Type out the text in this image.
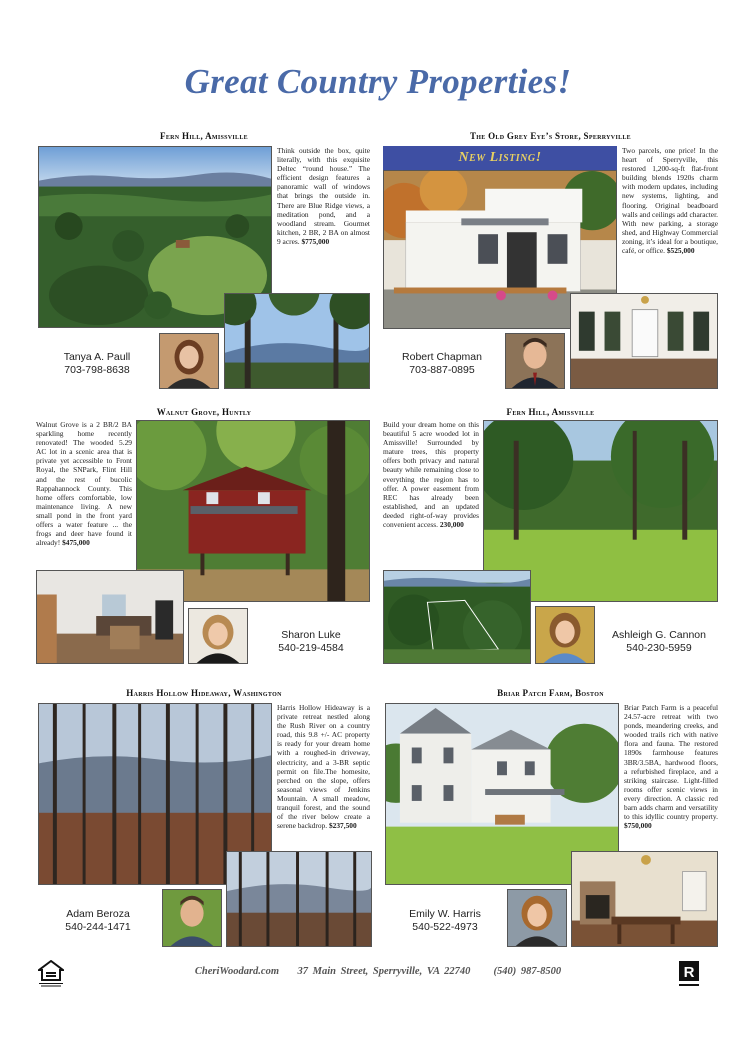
Great Country Properties!
Fern Hill, Amissville
Think outside the box, quite literally, with this exquisite Deltec “round house.” The efficient design features a panoramic wall of windows that brings the outside in. There are Blue Ridge views, a meditation pond, and a woodland stream. Gourmet kitchen, 2 BR, 2 BA on almost 9 acres. $775,000
Tanya A. Paull
703-798-8638
The Old Grey Eye’s Store, Sperryville
New Listing!	Two parcels, one price! In the heart of Sperryville, this restored 1,200-sq-ft flat-front building blends 1920s charm with modern updates, including new systems, lighting, and flooring. Original beadboard walls and ceilings add character. With new parking, a storage shed, and Highway Commercial zoning, it’s ideal for a boutique, café, or office. $525,000
Robert Chapman
703-887-0895
Walnut Grove, Huntly
Walnut Grove is a 2 BR/2 BA sparkling home recently renovated! The wooded 5.29 AC lot in a scenic area that is private yet accessible to Front Royal, the SNPark, Flint Hill and the rest of bucolic Rappahannock County. This home offers comfortable, low maintenance living. A new small pond in the front yard offers a water feature ... the frogs and deer have found it already! $475,000
Sharon Luke
540-219-4584
Fern Hill, Amissville
Build your dream home on this beautiful 5 acre wooded lot in Amissville! Surrounded by mature trees, this property offers both privacy and natural beauty while remaining close to everything the region has to offer. A power easement from REC has already been established, and an updated deeded right-of-way provides convenient access. 230,000
Ashleigh G. Cannon
540-230-5959
Harris Hollow Hideaway, Washington
Harris Hollow Hideaway is a private retreat nestled along the Rush River on a country road, this 9.8 +/- AC property is ready for your dream home with a roughed-in driveway, electricity, and a 3-BR septic permit on file.The homesite, perched on the slope, offers seasonal views of Jenkins Mountain. A small meadow, tranquil forest, and the sound of the river below create a serene backdrop. $237,500
Adam Beroza
540-244-1471
Briar Patch Farm, Boston
Briar Patch Farm is a peaceful 24.57-acre retreat with two ponds, meandering creeks, and wooded trails rich with native flora and fauna. The restored 1890s farmhouse features 3BR/3.5BA, hardwood floors, a refurbished fireplace, and a striking staircase. Light-filled rooms offer scenic views in every direction. A classic red barn adds charm and versatility to this idyllic country property. $750,000
Emily W. Harris
540-522-4973
CheriWoodard.com 37 Main Street, Sperryville, VA 22740 (540) 987-8500	R
